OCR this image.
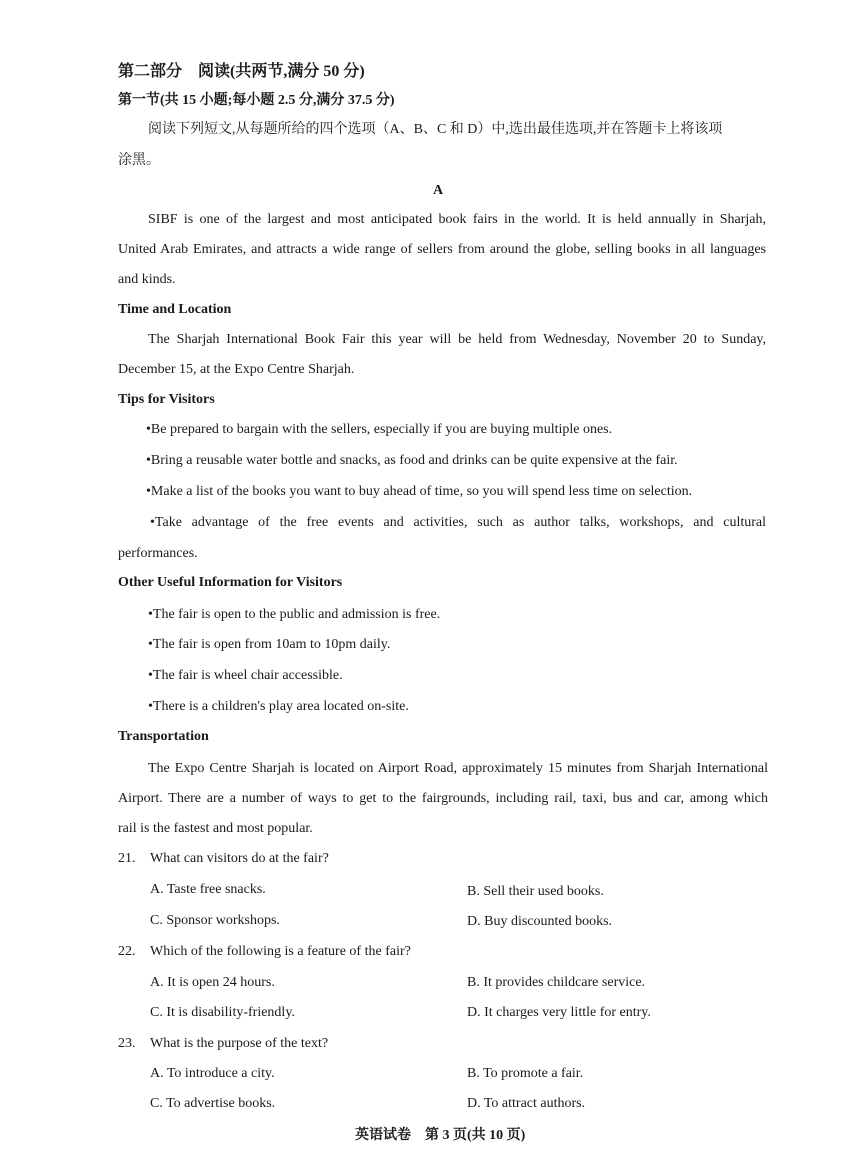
第二部分　阅读(共两节,满分 50 分)
第一节(共 15 小题;每小题 2.5 分,满分 37.5 分)
阅读下列短文,从每题所给的四个选项（A、B、C 和 D）中,选出最佳选项,并在答题卡上将该项
涂黑。
A
SIBF is one of the largest and most anticipated book fairs in the world. It is held annually in Sharjah,
United Arab Emirates, and attracts a wide range of sellers from around the globe, selling books in all languages
and kinds.
Time and Location
The Sharjah International Book Fair this year will be held from Wednesday, November 20 to Sunday,
December 15, at the Expo Centre Sharjah.
Tips for Visitors
•Be prepared to bargain with the sellers, especially if you are buying multiple ones.
•Bring a reusable water bottle and snacks, as food and drinks can be quite expensive at the fair.
•Make a list of the books you want to buy ahead of time, so you will spend less time on selection.
•Take advantage of the free events and activities, such as author talks, workshops, and cultural
performances.
Other Useful Information for Visitors
•The fair is open to the public and admission is free.
•The fair is open from 10am to 10pm daily.
•The fair is wheel chair accessible.
•There is a children's play area located on-site.
Transportation
The Expo Centre Sharjah is located on Airport Road, approximately 15 minutes from Sharjah International
Airport. There are a number of ways to get to the fairgrounds, including rail, taxi, bus and car, among which
rail is the fastest and most popular.
21. What can visitors do at the fair?
A. Taste free snacks.	B. Sell their used books.
C. Sponsor workshops.	D. Buy discounted books.
22. Which of the following is a feature of the fair?
A. It is open 24 hours.	B. It provides childcare service.
C. It is disability-friendly.	D. It charges very little for entry.
23. What is the purpose of the text?
A. To introduce a city.	B. To promote a fair.
C. To advertise books.	D. To attract authors.
英语试卷　第 3 页(共 10 页)
